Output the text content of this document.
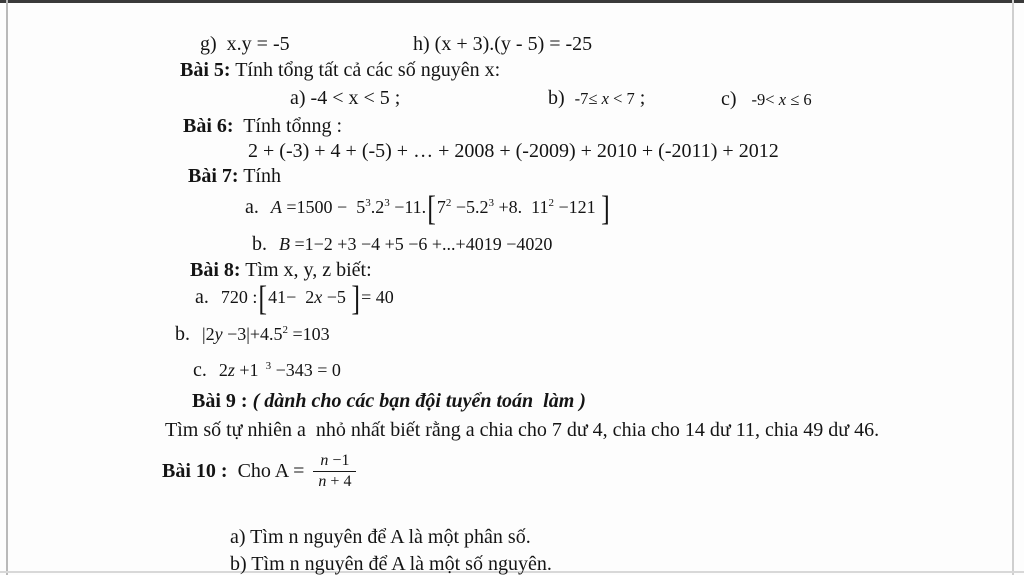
g)  x.y = -5
	h) (x + 3).(y - 5) = -25

Bài 5: Tính tổng tất cả các số nguyên x:

a) -4 < x < 5 ;
	b)  -7≤ x < 7 ;
	c)   -9< x ≤ 6

Bài 6:  Tính tổnng :

2 + (-3) + 4 + (-5) + … + 2008 + (-2009) + 2010 + (-2011) + 2012

Bài 7: Tính

a. $A =1500 - 5^3.2^3 -11.[7^2 -5.2^3 +8$.  $11^2 -121$ ]

b. B =1−2 +3 −4 +5 −6 +...+4019 −4020

Bài 8: Tìm x, y, z biết:

a. 720 :[41−  2x −5 ]= 40

b. $|2y -3|+4.5^2 =103$

c. 2z +1 $^3$ −343 = 0

Bài 9 : ( dành cho các bạn đội tuyển toán  làm )

Tìm số tự nhiên a  nhỏ nhất biết rằng a chia cho 7 dư 4, chia cho 14 dư 11, chia 49 dư 46.

Bài 10 : Cho $A = \frac{n -1}{n + 4}$

a) Tìm n nguyên để A là một phân số.

b) Tìm n nguyên để A là một số nguyên.
